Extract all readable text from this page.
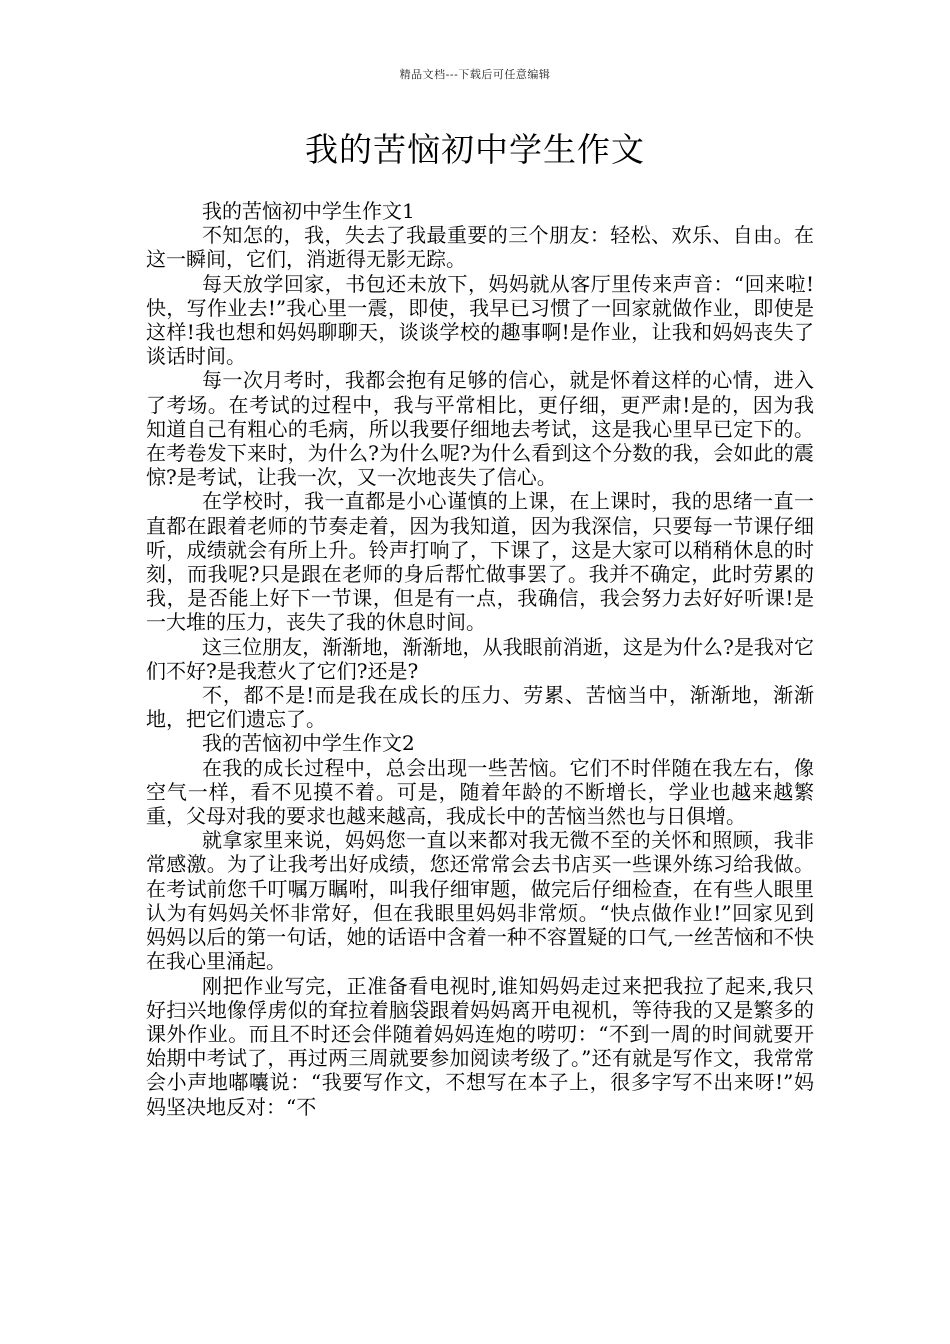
精品文档---下载后可任意编辑
我的苦恼初中学生作文

我的苦恼初中学生作文1

不知怎的，我，失去了我最重要的三个朋友：轻松、欢乐、自由。在这一瞬间，它们，消逝得无影无踪。

每天放学回家，书包还未放下，妈妈就从客厅里传来声音：“回来啦!快，写作业去!”我心里一震，即使，我早已习惯了一回家就做作业，即使是这样!我也想和妈妈聊聊天，谈谈学校的趣事啊!是作业，让我和妈妈丧失了谈话时间。

每一次月考时，我都会抱有足够的信心，就是怀着这样的心情，进入了考场。在考试的过程中，我与平常相比，更仔细，更严肃!是的，因为我知道自己有粗心的毛病，所以我要仔细地去考试，这是我心里早已定下的。在考卷发下来时，为什么?为什么呢?为什么看到这个分数的我，会如此的震惊?是考试，让我一次，又一次地丧失了信心。

在学校时，我一直都是小心谨慎的上课，在上课时，我的思绪一直一直都在跟着老师的节奏走着，因为我知道，因为我深信，只要每一节课仔细听，成绩就会有所上升。铃声打响了，下课了，这是大家可以稍稍休息的时刻，而我呢?只是跟在老师的身后帮忙做事罢了。我并不确定，此时劳累的我，是否能上好下一节课，但是有一点，我确信，我会努力去好好听课!是一大堆的压力，丧失了我的休息时间。

这三位朋友，渐渐地，渐渐地，从我眼前消逝，这是为什么?是我对它们不好?是我惹火了它们?还是?

不，都不是!而是我在成长的压力、劳累、苦恼当中，渐渐地，渐渐地，把它们遗忘了。

我的苦恼初中学生作文2

在我的成长过程中，总会出现一些苦恼。它们不时伴随在我左右，像空气一样，看不见摸不着。可是，随着年龄的不断增长，学业也越来越繁重，父母对我的要求也越来越高，我成长中的苦恼当然也与日俱增。

就拿家里来说，妈妈您一直以来都对我无微不至的关怀和照顾，我非常感激。为了让我考出好成绩，您还常常会去书店买一些课外练习给我做。在考试前您千叮嘱万瞩咐，叫我仔细审题，做完后仔细检查，在有些人眼里认为有妈妈关怀非常好，但在我眼里妈妈非常烦。“快点做作业!”回家见到妈妈以后的第一句话，她的话语中含着一种不容置疑的口气,一丝苦恼和不快在我心里涌起。

刚把作业写完，正准备看电视时,谁知妈妈走过来把我拉了起来,我只好扫兴地像俘虏似的耷拉着脑袋跟着妈妈离开电视机，等待我的又是繁多的课外作业。而且不时还会伴随着妈妈连炮的唠叨：“不到一周的时间就要开始期中考试了，再过两三周就要参加阅读考级了。”还有就是写作文，我常常会小声地嘟囔说：“我要写作文，不想写在本子上，很多字写不出来呀!”妈妈坚决地反对：“不
